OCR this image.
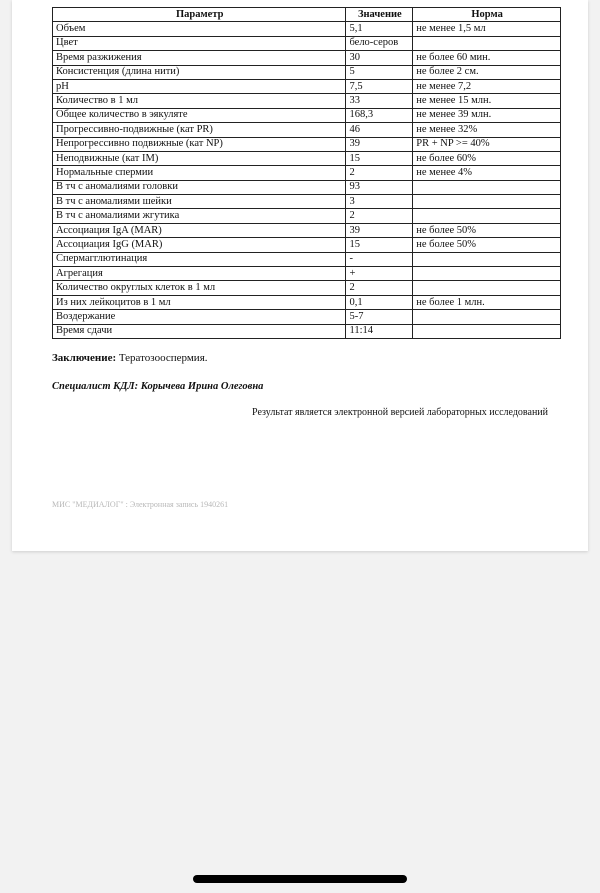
Параметр	Значение	Норма
Объем	5,1	не менее 1,5 мл
Цвет	бело-серов	
Время разжижения	30	не более 60 мин.
Консистенция (длина нити)	5	не более 2 см.
pH	7,5	не менее 7,2
Количество в 1 мл	33	не менее 15 млн.
Общее количество в эякуляте	168,3	не менее 39 млн.
Прогрессивно-подвижные (кат PR)	46	не менее 32%
Непрогрессивно подвижные (кат NP)	39	PR + NP >= 40%
Неподвижные (кат IM)	15	не более 60%
Нормальные спермии	2	не менее 4%
В тч с аномалиями головки	93	
В тч с аномалиями шейки	3	
В тч с аномалиями жгутика	2	
Ассоциация IgA (MAR)	39	не более 50%
Ассоциация IgG (MAR)	15	не более 50%
Спермагглютинация	-	
Агрегация	+	
Количество округлых клеток в 1 мл	2	
Из них лейкоцитов в 1 мл	0,1	не более 1 млн.
Воздержание	5-7	
Время сдачи	11:14	
Заключение: Тератозооспермия.
Специалист КДЛ: Корычева Ирина Олеговна
Результат является электронной версией лабораторных исследований
МИС "МЕДИАЛОГ" : Электронная запись 1940261
